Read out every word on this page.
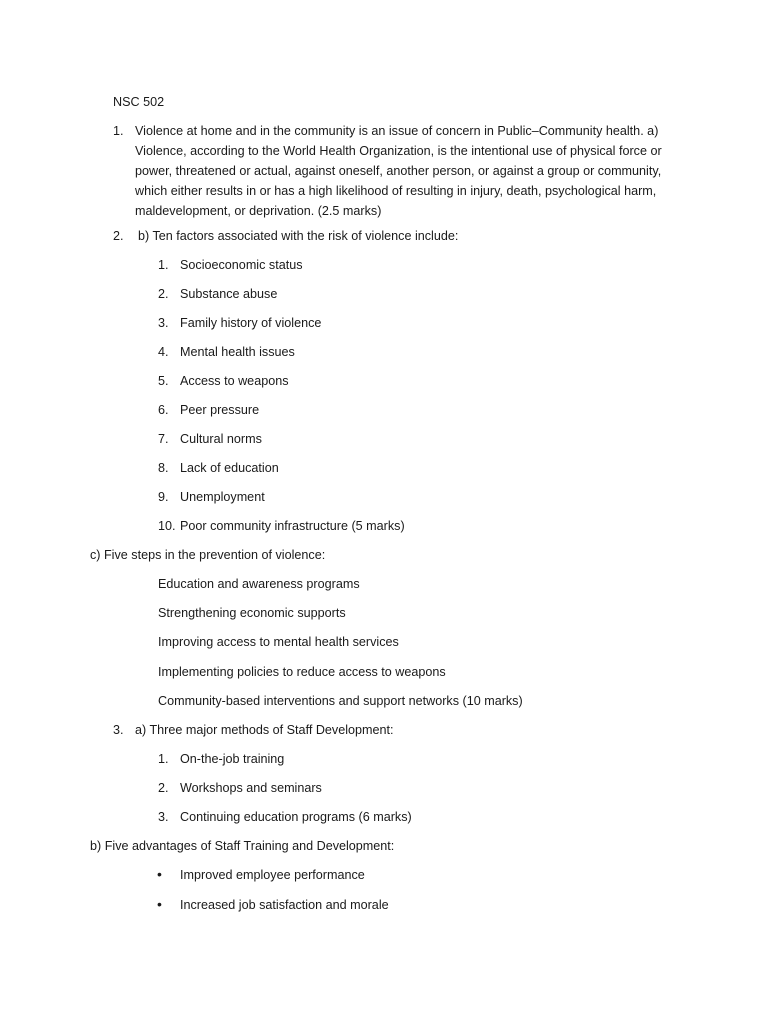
NSC 502
1. Violence at home and in the community is an issue of concern in Public–Community health. a) Violence, according to the World Health Organization, is the intentional use of physical force or power, threatened or actual, against oneself, another person, or against a group or community, which either results in or has a high likelihood of resulting in injury, death, psychological harm, maldevelopment, or deprivation. (2.5 marks)
2. b) Ten factors associated with the risk of violence include:
1. Socioeconomic status
2. Substance abuse
3. Family history of violence
4. Mental health issues
5. Access to weapons
6. Peer pressure
7. Cultural norms
8. Lack of education
9. Unemployment
10. Poor community infrastructure (5 marks)
c) Five steps in the prevention of violence:
Education and awareness programs
Strengthening economic supports
Improving access to mental health services
Implementing policies to reduce access to weapons
Community-based interventions and support networks (10 marks)
3. a) Three major methods of Staff Development:
1. On-the-job training
2. Workshops and seminars
3. Continuing education programs (6 marks)
b) Five advantages of Staff Training and Development:
• Improved employee performance
• Increased job satisfaction and morale
